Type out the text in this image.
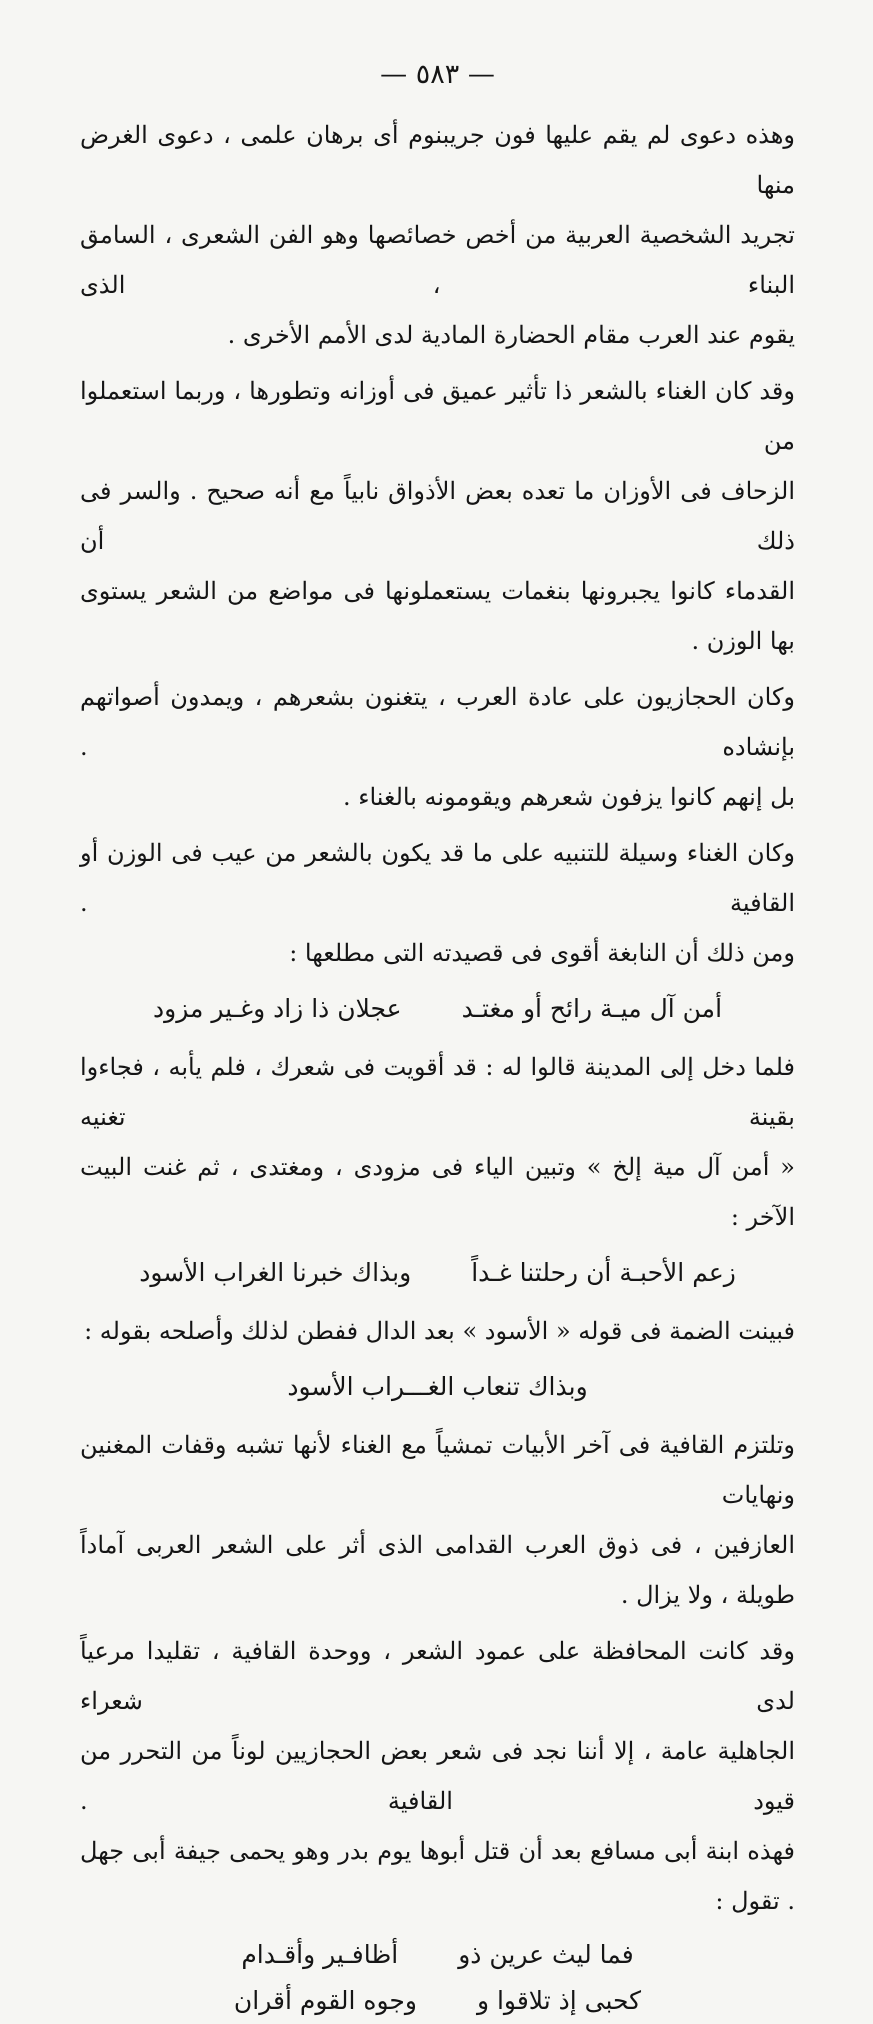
— ٥٨٣ —

وهذه دعوى لم يقم عليها فون جريبنوم أى برهان علمى ، دعوى الغرض منها
تجريد الشخصية العربية من أخص خصائصها وهو الفن الشعرى ، السامق البناء ، الذى
يقوم عند العرب مقام الحضارة المادية لدى الأمم الأخرى .

وقد كان الغناء بالشعر ذا تأثير عميق فى أوزانه وتطورها ، وربما استعملوا من
الزحاف فى الأوزان ما تعده بعض الأذواق نابياً مع أنه صحيح . والسر فى ذلك أن
القدماء كانوا يجبرونها بنغمات يستعملونها فى مواضع من الشعر يستوى بها الوزن .

وكان الحجازيون على عادة العرب ، يتغنون بشعرهم ، ويمدون أصواتهم بإنشاده .
بل إنهم كانوا يزفون شعرهم ويقومونه بالغناء .

وكان الغناء وسيلة للتنبيه على ما قد يكون بالشعر من عيب فى الوزن أو القافية .
ومن ذلك أن النابغة أقوى فى قصيدته التى مطلعها :

أمن آل ميـة رائح أو مغتـد
عجلان ذا زاد وغـير مزود

فلما دخل إلى المدينة قالوا له : قد أقويت فى شعرك ، فلم يأبه ، فجاءوا بقينة تغنيه
« أمن آل مية إلخ » وتبين الياء فى مزودى ، ومغتدى ، ثم غنت البيت الآخر :

زعم الأحبـة أن رحلتنا غـداً
وبذاك خبرنا الغراب الأسود

فبينت الضمة فى قوله « الأسود » بعد الدال ففطن لذلك وأصلحه بقوله :

وبذاك تنعاب الغـــراب الأسود

وتلتزم القافية فى آخر الأبيات تمشياً مع الغناء لأنها تشبه وقفات المغنين ونهايات
العازفين ، فى ذوق العرب القدامى الذى أثر على الشعر العربى آماداً طويلة ، ولا يزال .

وقد كانت المحافظة على عمود الشعر ، ووحدة القافية ، تقليدا مرعياً لدى شعراء
الجاهلية عامة ، إلا أننا نجد فى شعر بعض الحجازيين لوناً من التحرر من قيود القافية .
فهذه ابنة أبى مسافع بعد أن قتل أبوها يوم بدر وهو يحمى جيفة أبى جهل . تقول :

فما ليث عرين ذو
أظافـير وأقـدام
كحبى إذ تلاقوا و
وجوه القوم أقران
